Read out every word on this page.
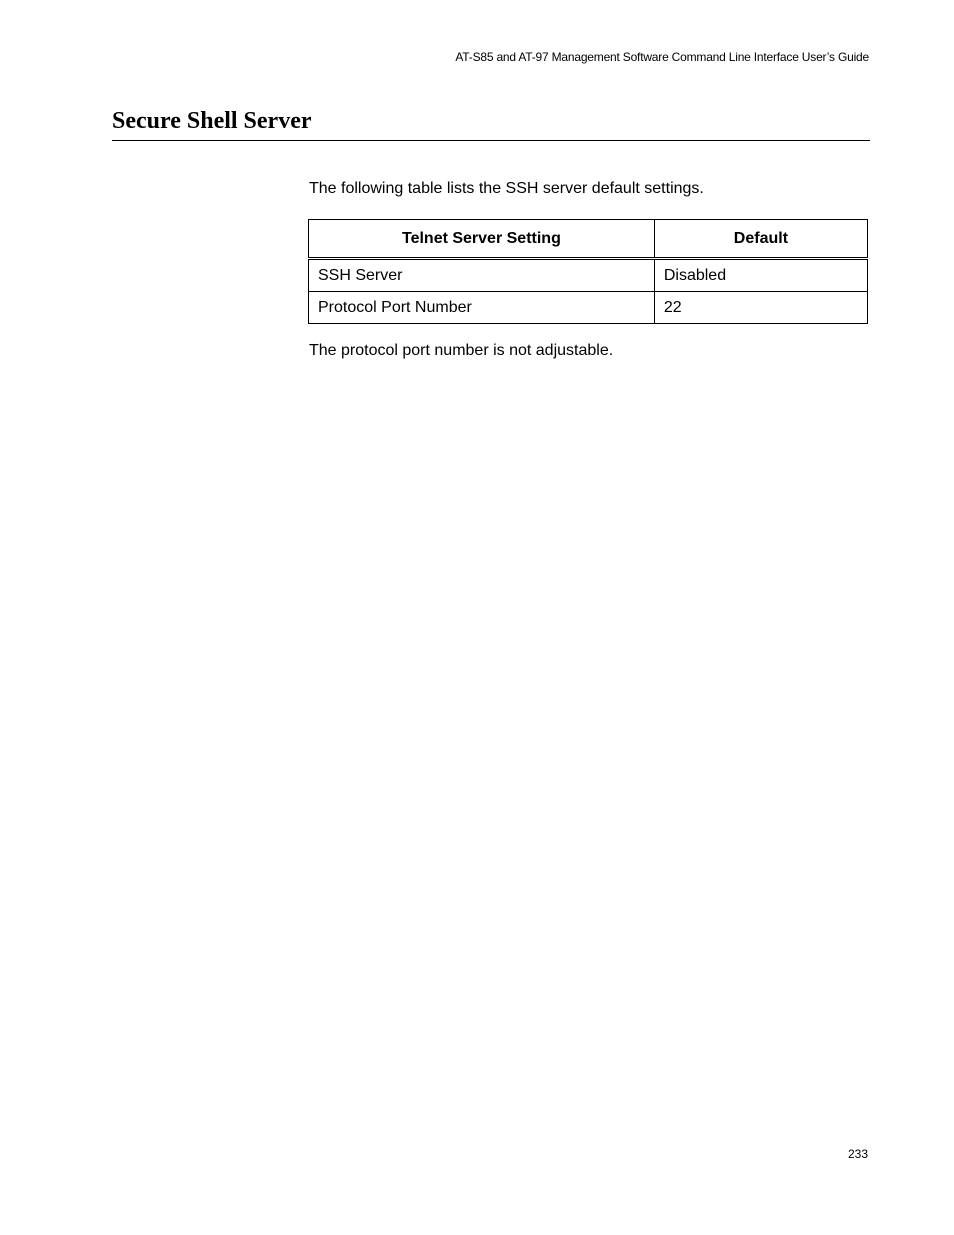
AT-S85 and AT-97 Management Software Command Line Interface User’s Guide
Secure Shell Server

The following table lists the SSH server default settings.

Telnet Server Setting	Default
SSH Server	Disabled
Protocol Port Number	22

The protocol port number is not adjustable.

233
